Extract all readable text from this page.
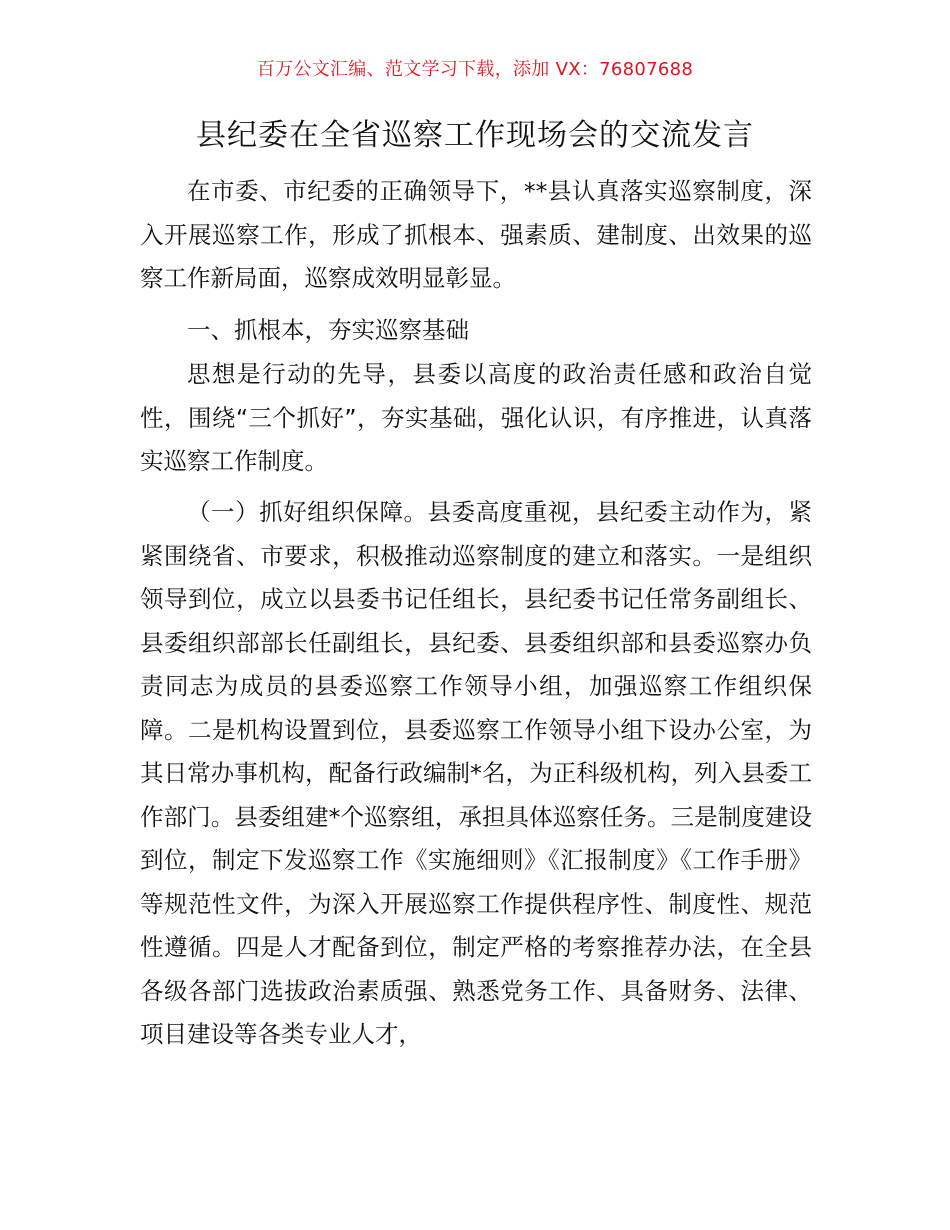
百万公文汇编、范文学习下载，添加 VX：76807688
县纪委在全省巡察工作现场会的交流发言

在市委、市纪委的正确领导下，**县认真落实巡察制度，深入开展巡察工作，形成了抓根本、强素质、建制度、出效果的巡察工作新局面，巡察成效明显彰显。

一、抓根本，夯实巡察基础

思想是行动的先导，县委以高度的政治责任感和政治自觉性，围绕“三个抓好”，夯实基础，强化认识，有序推进，认真落实巡察工作制度。

（一）抓好组织保障。县委高度重视，县纪委主动作为，紧紧围绕省、市要求，积极推动巡察制度的建立和落实。一是组织领导到位，成立以县委书记任组长，县纪委书记任常务副组长、县委组织部部长任副组长，县纪委、县委组织部和县委巡察办负责同志为成员的县委巡察工作领导小组，加强巡察工作组织保障。二是机构设置到位，县委巡察工作领导小组下设办公室，为其日常办事机构，配备行政编制*名，为正科级机构，列入县委工作部门。县委组建*个巡察组，承担具体巡察任务。三是制度建设到位，制定下发巡察工作《实施细则》《汇报制度》《工作手册》等规范性文件，为深入开展巡察工作提供程序性、制度性、规范性遵循。四是人才配备到位，制定严格的考察推荐办法，在全县各级各部门选拔政治素质强、熟悉党务工作、具备财务、法律、项目建设等各类专业人才，
